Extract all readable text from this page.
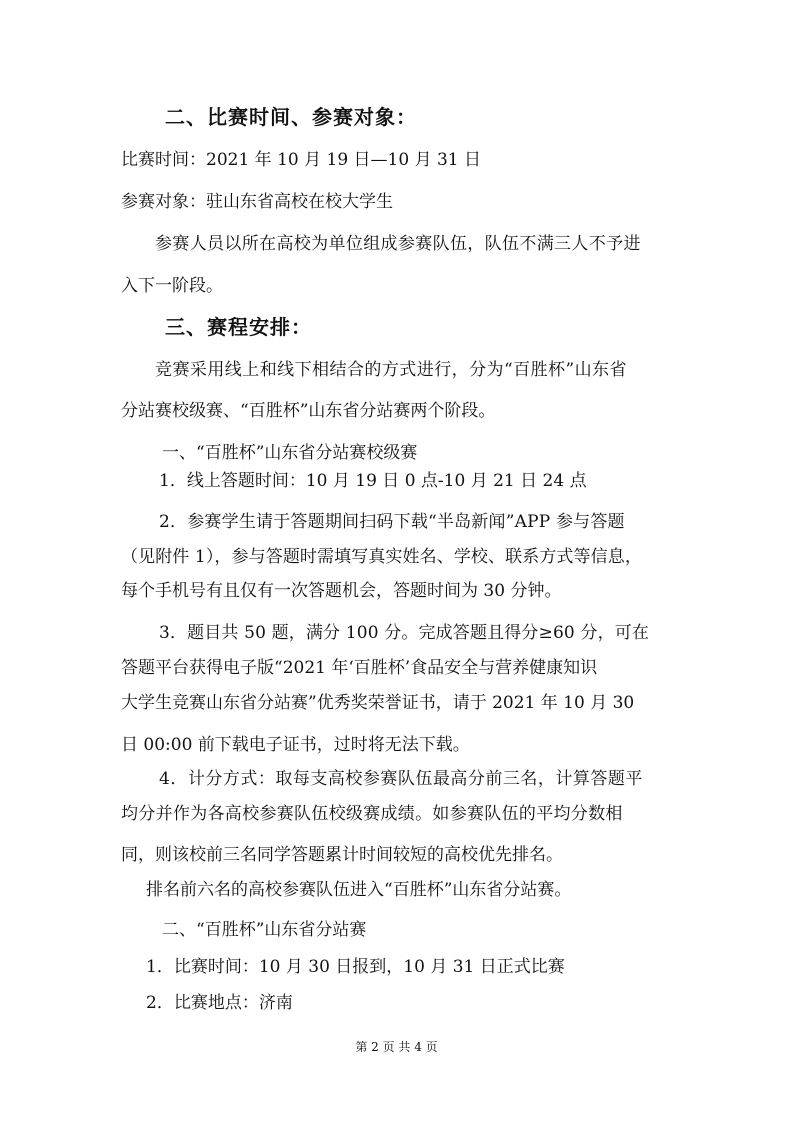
二、比赛时间、参赛对象：

比赛时间：2021 年 10 月 19 日—10 月 31 日

参赛对象：驻山东省高校在校大学生

参赛人员以所在高校为单位组成参赛队伍，队伍不满三人不予进

入下一阶段。

三、赛程安排：

竞赛采用线上和线下相结合的方式进行，分为“百胜杯”山东省

分站赛校级赛、“百胜杯”山东省分站赛两个阶段。

一、“百胜杯”山东省分站赛校级赛

1．线上答题时间：10 月 19 日 0 点-10 月 21 日 24 点

2．参赛学生请于答题期间扫码下载“半岛新闻”APP 参与答题

（见附件 1），参与答题时需填写真实姓名、学校、联系方式等信息，

每个手机号有且仅有一次答题机会，答题时间为 30 分钟。

3．题目共 50 题，满分 100 分。完成答题且得分≥60 分，可在

答题平台获得电子版“2021 年‘百胜杯’食品安全与营养健康知识

大学生竞赛山东省分站赛”优秀奖荣誉证书，请于 2021 年 10 月 30

日 00:00 前下载电子证书，过时将无法下载。

4．计分方式：取每支高校参赛队伍最高分前三名，计算答题平

均分并作为各高校参赛队伍校级赛成绩。如参赛队伍的平均分数相

同，则该校前三名同学答题累计时间较短的高校优先排名。

排名前六名的高校参赛队伍进入“百胜杯”山东省分站赛。

二、“百胜杯”山东省分站赛

1．比赛时间：10 月 30 日报到，10 月 31 日正式比赛

2．比赛地点：济南

第 2 页 共 4 页
